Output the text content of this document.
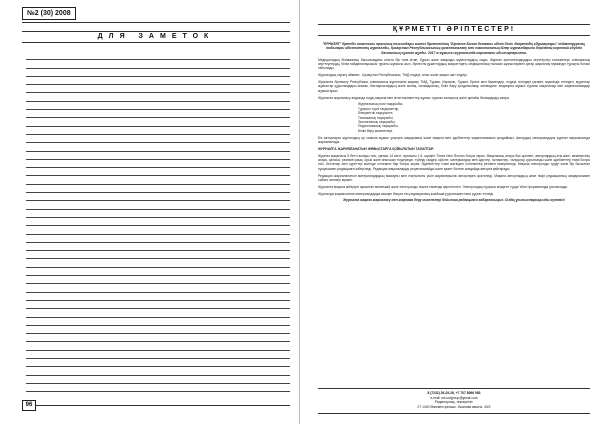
№2 (30) 2008
ДЛЯ ЗАМЕТОК
96
ҚҰРМЕТТІ ӘРІПТЕСТЕР!

"ЕРНИЗЯТ" Ертебіз отанлыны прагилық тығындары мәтісі бірлестігінің "Бірлеске Болап ботканы әбілін білін. Әкертіндіқ әбүрлаулары" кейіметруренің, табылары әбісетілестің журналлды, Қазақстан Республикасының қалентиналану мен самонкаланың білер журналдарына берілетің корттай әбүдлік басталның сұлтан жұлды. 2017 ж жұмысы журналында жарияланы әбылықтарыпта.

Медицинадың білімжаның басылымдағы сілікта бір ғана кітап, бұрын және маңызды жұмыстардың лады. Журнал эрилингалдыдары зерттеулер нәтижелері, клиникалық зерттеулердің, білім пайданалаушысы туралы жұмысы жыл, бірлестік құжаттардың мақсаттарға, медициналық ғылыми жұмыстармен қатар жариялау мүмкіндігі тұрақты болып табылады.

Журналдың тарату аймағы - Қазақстан Республикасы, ТМД елдері, алыс және жақын шет елдері.

Журналға бірнешеу Республика, клиникалық жүргіншілік жарияу ТМД, Туркия, Израиль, Туркия, Брита мен Кірмендер, елдері тегіндері қызмет, мүмкіндік тегіндегі, мұраттар жұмыстар құрылымдары ағымы, бастауыштардың және жинақ, халықаралық, біліп бару қолданылмау, көлемділік, медицина жұмыс туралы мақалалар мен жарияланымдар жұмыстарын.

Журналға жарияласу алдында сіздің мақала мен кітап мәліметтер жұмыс туралы халықтық және арнайы бөлімдердің өзара:

Журналының пәні тақырыбы;
Тұрақты түрлі тақырыптар;
Әлеуметтік тақырыпте;
Техникалық тақырыбы;
Экологиялық тақырыбы;
Педагогикалық тақырыбы;
Білім беру мәселелері.

Біз авторларға журналдың әр санына жұмыс ұсынуға шақырамыз және мақала мен әдебиеттер жарияланымын қолдаймыз. Автордың материалдары журнал мақаласында жарияланады.

ЖУРНАЛҒА ЖАРИЯЛАНАТЫН ЖҰМЫСТАРҒА ҚОЙЫЛАТЫН ТАЛАПТАР:

Журнал мақаласы 5 бетті аспауы тиіс, қағазы 14 кегіл, аралығы 1.5, шрифті Times New Roman болуы керек. Мақаланың атауы бас әріппен, авторлардың аты-жөні, мекемесінің атауы, қаласы, резюме қазақ, орыс және ағылшын тілдерінде, түйінді сөздер, кіріспе, материалдар мен әдістер, нәтижелер, талқылау, қорытынды және әдебиеттер тізімі болуы тиіс. Кестелер мен суреттер мәтінде сілтемесі бар болуы керек. Әдебиеттер тізімі мәтіндегі сілтемелер ретімен нөмірленеді. Мақала электронды түрде және бір басылған нұсқасымен редакцияға жіберіледі. Редакция мақалаларды рецензиялайды және қажет болған жағдайда авторға қайтарады.

Редакция жарияланатын материалдардың мазмұны мен нақтылығы үшін жауапкершілік авторларға жүктеледі. Мақала авторлардың жеке пікірі редакцияның көзқарасымен сәйкес келмеуі мүмкін.

Журналға мақала жіберуге арналған мекенжай және электронды пошта төменде көрсетілген. Электрондық нұсқасы міндетті түрде Word форматында ұсынылады.

Журналда жарияланған материалдарды көшіріп басуға тек редакцияның жазбаша рұқсатымен ғана рұқсат етіледі.

Журналға мақала жарияласу мен жарнама беру мәселелері бойынша редакцияға хабарласыңыз. Сіздің ұсыныстарыңызды күтеміз!

8 (7232) 26-29-26, +7 707 8096 983
e-mail: ms.izdgroup@gmail.com
Редакторлық, тексеретін:
07 1400 Өскемен қаласы, Ушанова көшесі, 40/2
